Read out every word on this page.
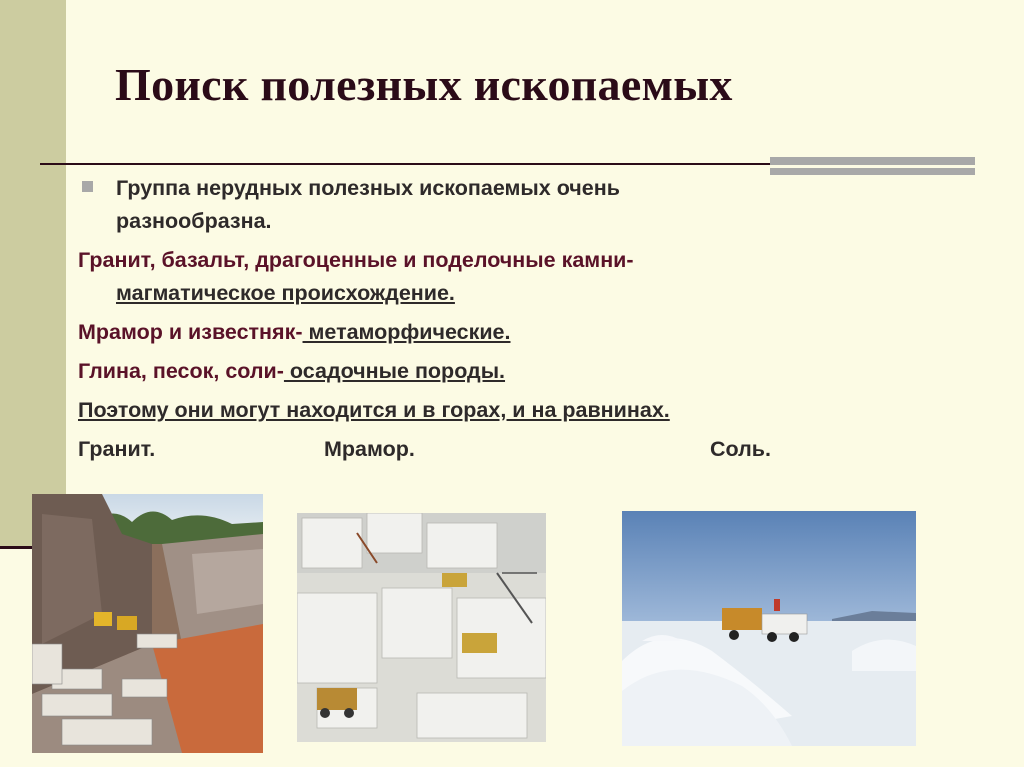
Поиск полезных ископаемых
Группа нерудных полезных ископаемых очень
разнообразна.
Гранит, базальт, драгоценные и поделочные камни-
магматическое происхождение.
Мрамор и известняк- метаморфические.
Глина, песок, соли- осадочные породы.
Поэтому они могут находится и в горах, и на равнинах.
Гранит.	Мрамор.	Соль.
